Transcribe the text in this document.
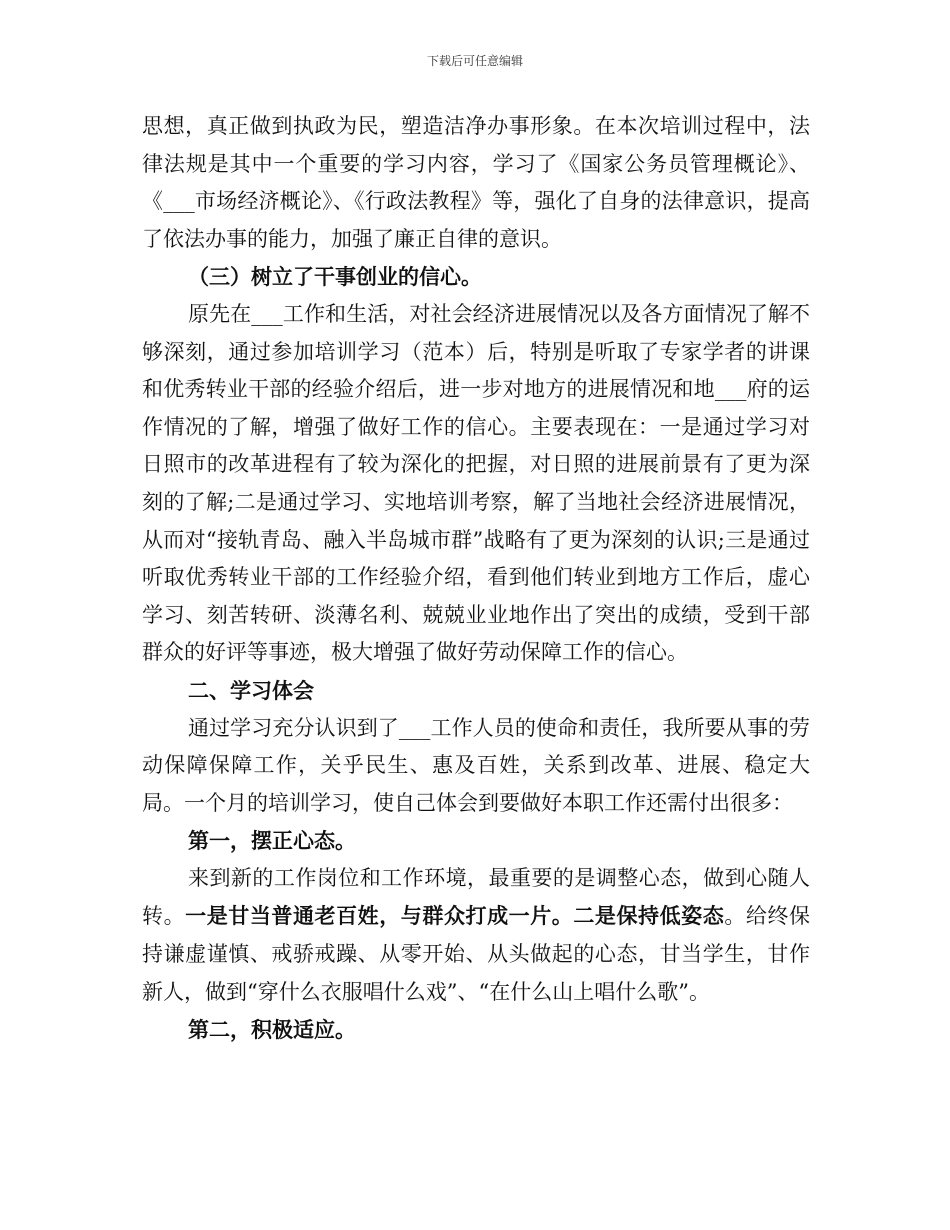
下载后可任意编辑

思想，真正做到执政为民，塑造洁净办事形象。在本次培训过程中，法律法规是其中一个重要的学习内容，学习了《国家公务员管理概论》、《___市场经济概论》、《行政法教程》等，强化了自身的法律意识，提高了依法办事的能力，加强了廉正自律的意识。

（三）树立了干事创业的信心。

原先在___工作和生活，对社会经济进展情况以及各方面情况了解不够深刻，通过参加培训学习（范本）后，特别是听取了专家学者的讲课和优秀转业干部的经验介绍后，进一步对地方的进展情况和地___府的运作情况的了解，增强了做好工作的信心。主要表现在：一是通过学习对日照市的改革进程有了较为深化的把握，对日照的进展前景有了更为深刻的了解;二是通过学习、实地培训考察，解了当地社会经济进展情况，从而对“接轨青岛、融入半岛城市群”战略有了更为深刻的认识;三是通过听取优秀转业干部的工作经验介绍，看到他们转业到地方工作后，虚心学习、刻苦转研、淡薄名利、兢兢业业地作出了突出的成绩，受到干部群众的好评等事迹，极大增强了做好劳动保障工作的信心。

二、学习体会

通过学习充分认识到了___工作人员的使命和责任，我所要从事的劳动保障保障工作，关乎民生、惠及百姓，关系到改革、进展、稳定大局。一个月的培训学习，使自己体会到要做好本职工作还需付出很多：

第一，摆正心态。

来到新的工作岗位和工作环境，最重要的是调整心态，做到心随人转。一是甘当普通老百姓，与群众打成一片。二是保持低姿态。给终保持谦虚谨慎、戒骄戒躁、从零开始、从头做起的心态，甘当学生，甘作新人，做到“穿什么衣服唱什么戏”、“在什么山上唱什么歌”。

第二，积极适应。
